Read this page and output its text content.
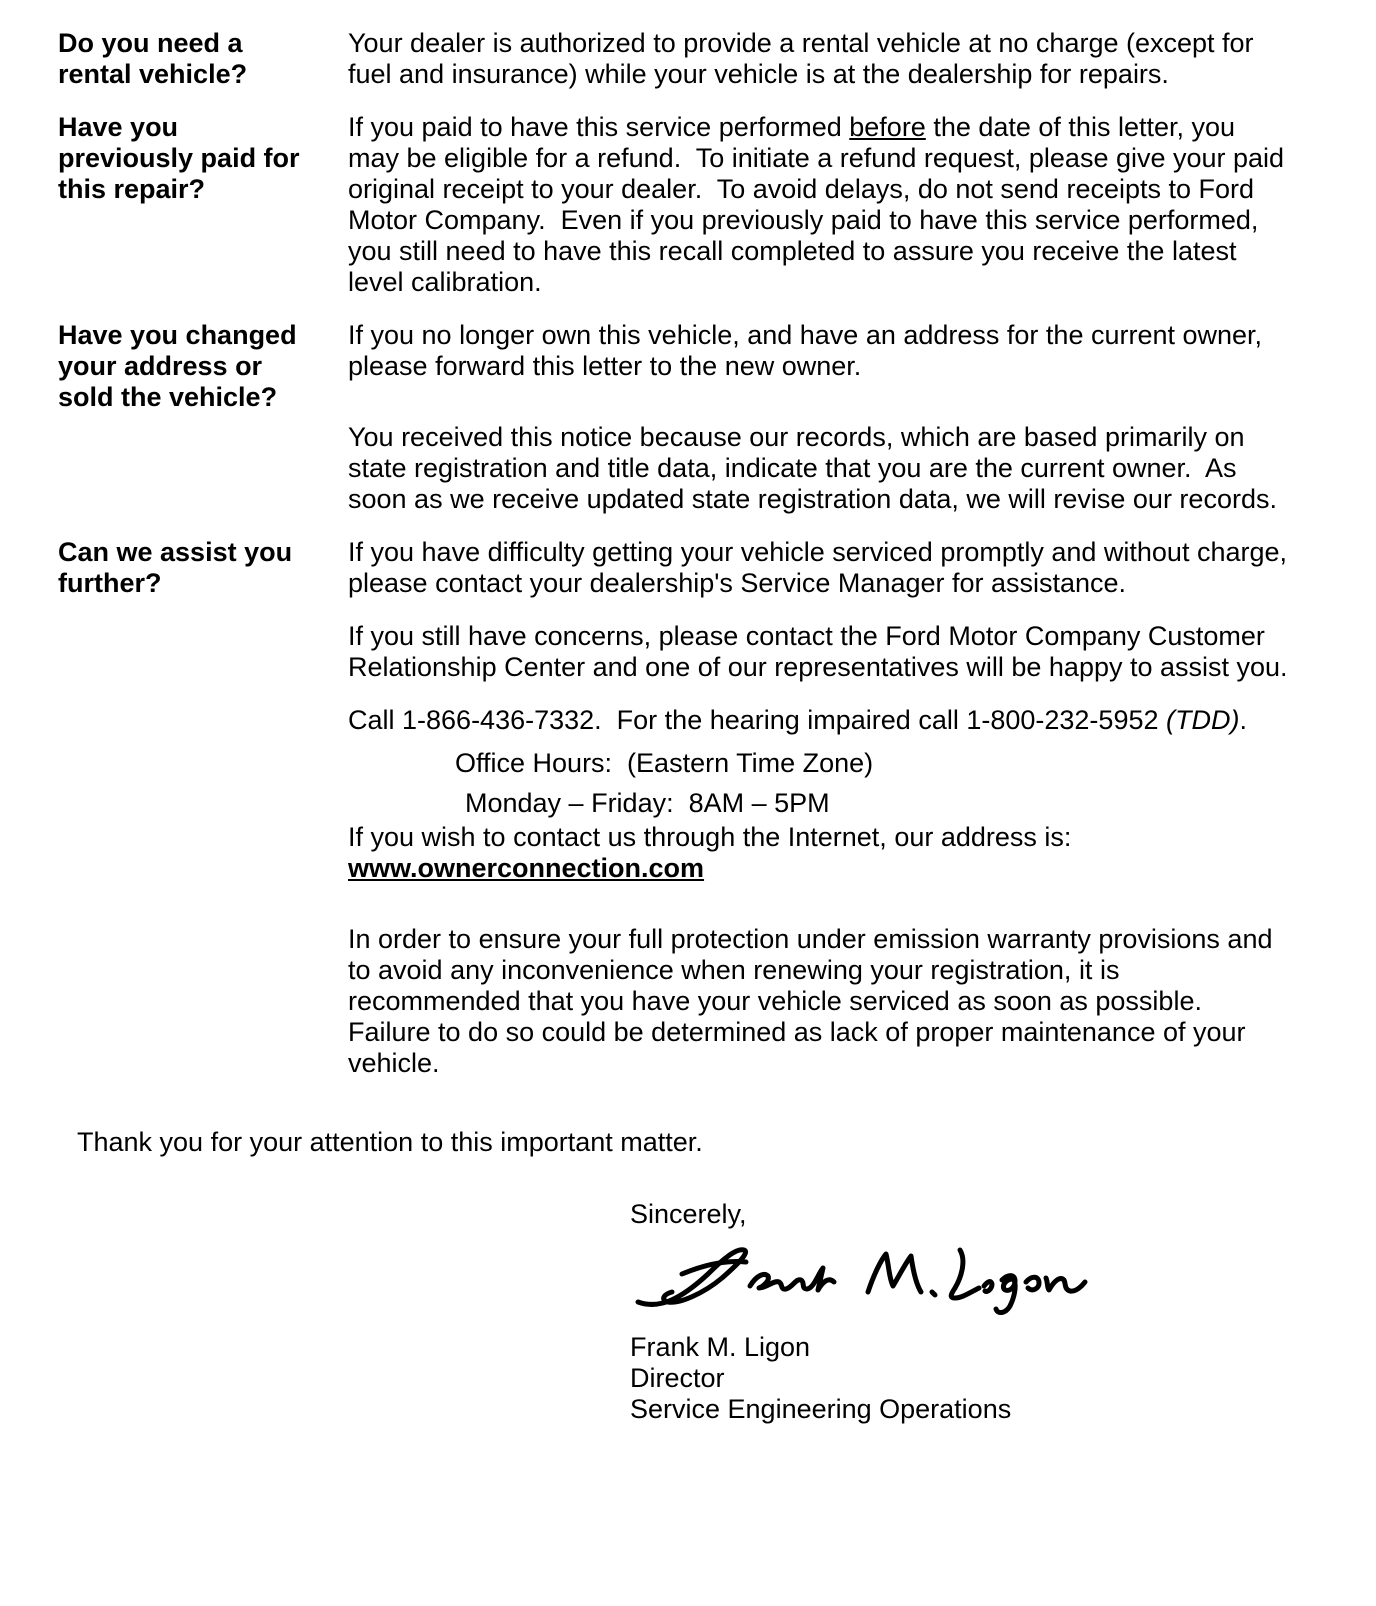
Do you need a
rental vehicle?

Your dealer is authorized to provide a rental vehicle at no charge (except for fuel and insurance) while your vehicle is at the dealership for repairs.

Have you
previously paid for
this repair?

If you paid to have this service performed before the date of this letter, you may be eligible for a refund.  To initiate a refund request, please give your paid original receipt to your dealer.  To avoid delays, do not send receipts to Ford Motor Company.  Even if you previously paid to have this service performed, you still need to have this recall completed to assure you receive the latest level calibration.

Have you changed
your address or
sold the vehicle?

If you no longer own this vehicle, and have an address for the current owner, please forward this letter to the new owner.

You received this notice because our records, which are based primarily on state registration and title data, indicate that you are the current owner.  As soon as we receive updated state registration data, we will revise our records.

Can we assist you
further?

If you have difficulty getting your vehicle serviced promptly and without charge, please contact your dealership's Service Manager for assistance.

If you still have concerns, please contact the Ford Motor Company Customer Relationship Center and one of our representatives will be happy to assist you.

Call 1-866-436-7332.  For the hearing impaired call 1-800-232-5952 (TDD).

Office Hours:  (Eastern Time Zone)

Monday – Friday:  8AM – 5PM

If you wish to contact us through the Internet, our address is:

www.ownerconnection.com

In order to ensure your full protection under emission warranty provisions and to avoid any inconvenience when renewing your registration, it is recommended that you have your vehicle serviced as soon as possible.  Failure to do so could be determined as lack of proper maintenance of your vehicle.

Thank you for your attention to this important matter.

Sincerely,

Frank M. Ligon

Director

Service Engineering Operations
